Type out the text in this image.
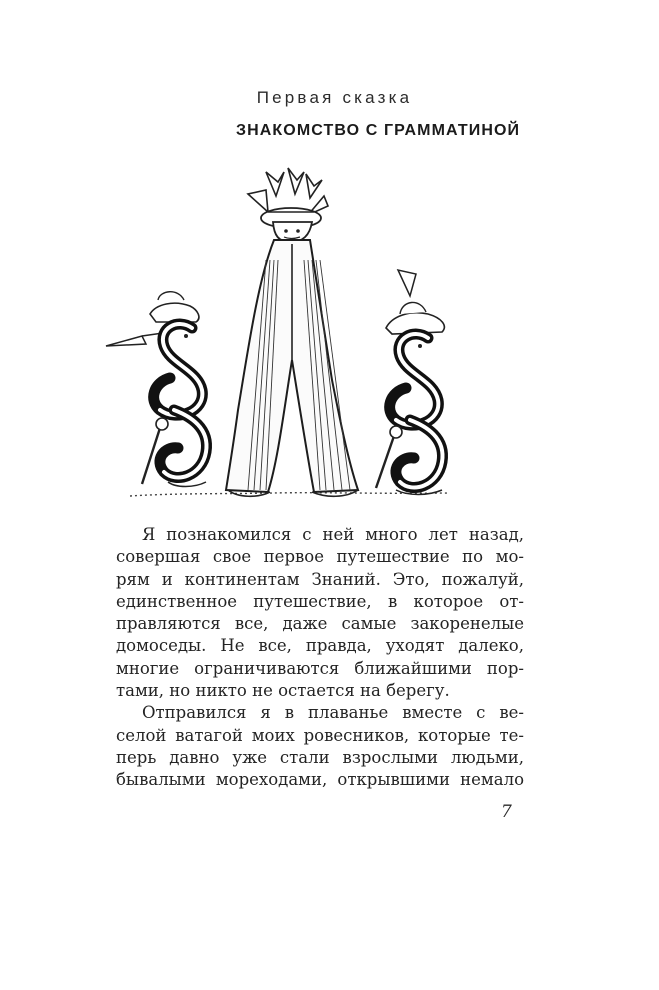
Первая сказка
ЗНАКОМСТВО С ГРАММАТИНОЙ

Я познакомился с ней много лет назад,
совершая свое первое путешествие по мо-
рям и континентам Знаний. Это, пожалуй,
единственное путешествие, в которое от-
правляются все, даже самые закоренелые
домоседы. Не все, правда, уходят далеко,
многие ограничиваются ближайшими пор-
тами, но никто не остается на берегу.

Отправился я в плаванье вместе с ве-
селой ватагой моих ровесников, которые те-
перь давно уже стали взрослыми людьми,
бывалыми мореходами, открывшими немало

7
